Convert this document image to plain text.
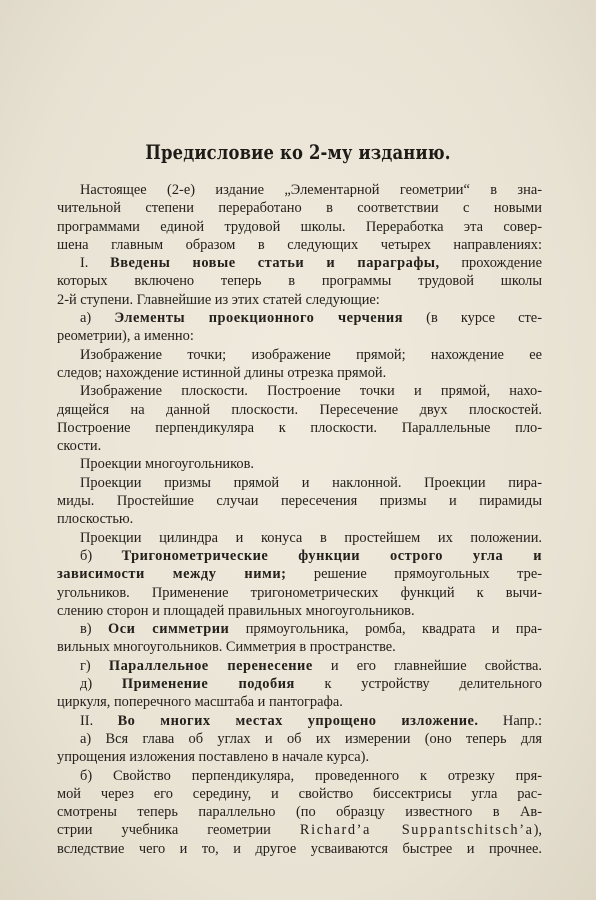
Предисловие ко 2-му изданию.
Настоящее (2-е) издание „Элементарной геометрии“ в зна-
чительной степени переработано в соответствии с новыми
программами единой трудовой школы. Переработка эта совер-
шена главным образом в следующих четырех направлениях:
I. Введены новые статьи и параграфы, прохождение
которых включено теперь в программы трудовой школы
2-й ступени. Главнейшие из этих статей следующие:
а) Элементы проекционного черчения (в курсе сте-
реометрии), а именно:
Изображение точки; изображение прямой; нахождение ее
следов; нахождение истинной длины отрезка прямой.
Изображение плоскости. Построение точки и прямой, нахо-
дящейся на данной плоскости. Пересечение двух плоскостей.
Построение перпендикуляра к плоскости. Параллельные пло-
скости.
Проекции многоугольников.
Проекции призмы прямой и наклонной. Проекции пира-
миды. Простейшие случаи пересечения призмы и пирамиды
плоскостью.
Проекции цилиндра и конуса в простейшем их положении.
б) Тригонометрические функции острого угла и
зависимости между ними; решение прямоугольных тре-
угольников. Применение тригонометрических функций к вычи-
слению сторон и площадей правильных многоугольников.
в) Оси симметрии прямоугольника, ромба, квадрата и пра-
вильных многоугольников. Симметрия в пространстве.
г) Параллельное перенесение и его главнейшие свойства.
д) Применение подобия к устройству делительного
циркуля, поперечного масштаба и пантографа.
II. Во многих местах упрощено изложение. Напр.:
а) Вся глава об углах и об их измерении (оно теперь для
упрощения изложения поставлено в начале курса).
б) Свойство перпендикуляра, проведенного к отрезку пря-
мой через его середину, и свойство биссектрисы угла рас-
смотрены теперь параллельно (по образцу известного в Ав-
стрии учебника геометрии Richard’a Suppantschitsch’a),
вследствие чего и то, и другое усваиваются быстрее и прочнее.
